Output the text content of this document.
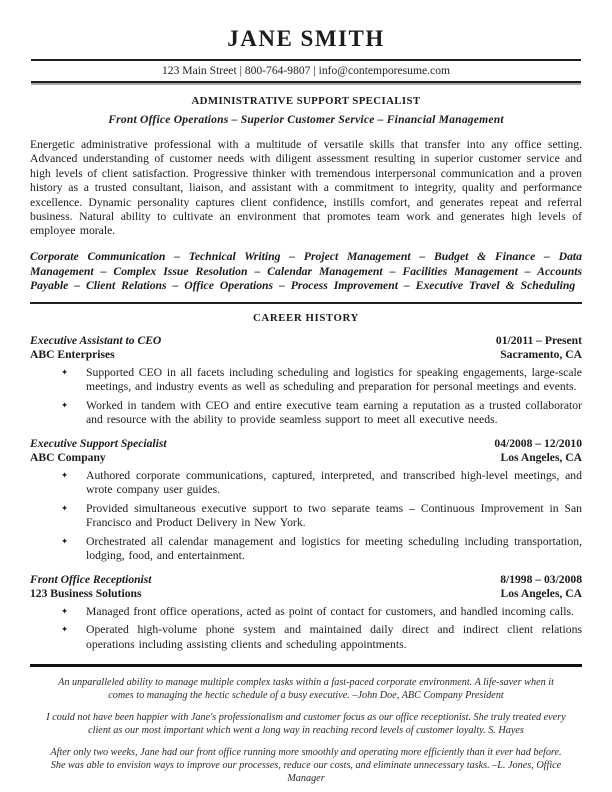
JANE SMITH
123 Main Street | 800-764-9807 | info@contemporesume.com
ADMINISTRATIVE SUPPORT SPECIALIST
Front Office Operations – Superior Customer Service – Financial Management
Energetic administrative professional with a multitude of versatile skills that transfer into any office setting. Advanced understanding of customer needs with diligent assessment resulting in superior customer service and high levels of client satisfaction. Progressive thinker with tremendous interpersonal communication and a proven history as a trusted consultant, liaison, and assistant with a commitment to integrity, quality and performance excellence. Dynamic personality captures client confidence, instills comfort, and generates repeat and referral business. Natural ability to cultivate an environment that promotes team work and generates high levels of employee morale.
Corporate Communication – Technical Writing – Project Management – Budget & Finance – Data Management – Complex Issue Resolution – Calendar Management – Facilities Management – Accounts Payable – Client Relations – Office Operations – Process Improvement – Executive Travel & Scheduling
CAREER HISTORY
Executive Assistant to CEO	01/2011 – Present
ABC Enterprises	Sacramento, CA
✦	Supported CEO in all facets including scheduling and logistics for speaking engagements, large-scale meetings, and industry events as well as scheduling and preparation for personal meetings and events.
✦	Worked in tandem with CEO and entire executive team earning a reputation as a trusted collaborator and resource with the ability to provide seamless support to meet all executive needs.
Executive Support Specialist	04/2008 – 12/2010
ABC Company	Los Angeles, CA
✦	Authored corporate communications, captured, interpreted, and transcribed high-level meetings, and wrote company user guides.
✦	Provided simultaneous executive support to two separate teams – Continuous Improvement in San Francisco and Product Delivery in New York.
✦	Orchestrated all calendar management and logistics for meeting scheduling including transportation, lodging, food, and entertainment.
Front Office Receptionist	8/1998 – 03/2008
123 Business Solutions	Los Angeles, CA
✦	Managed front office operations, acted as point of contact for customers, and handled incoming calls.
✦	Operated high-volume phone system and maintained daily direct and indirect client relations operations including assisting clients and scheduling appointments.
An unparalleled ability to manage multiple complex tasks within a fast-paced corporate environment. A life-saver when it comes to managing the hectic schedule of a busy executive. –John Doe, ABC Company President
I could not have been happier with Jane's professionalism and customer focus as our office receptionist. She truly treated every client as our most important which went a long way in reaching record levels of customer loyalty. S. Hayes
After only two weeks, Jane had our front office running more smoothly and operating more efficiently than it ever had before. She was able to envision ways to improve our processes, reduce our costs, and eliminate unnecessary tasks. –L. Jones, Office Manager
